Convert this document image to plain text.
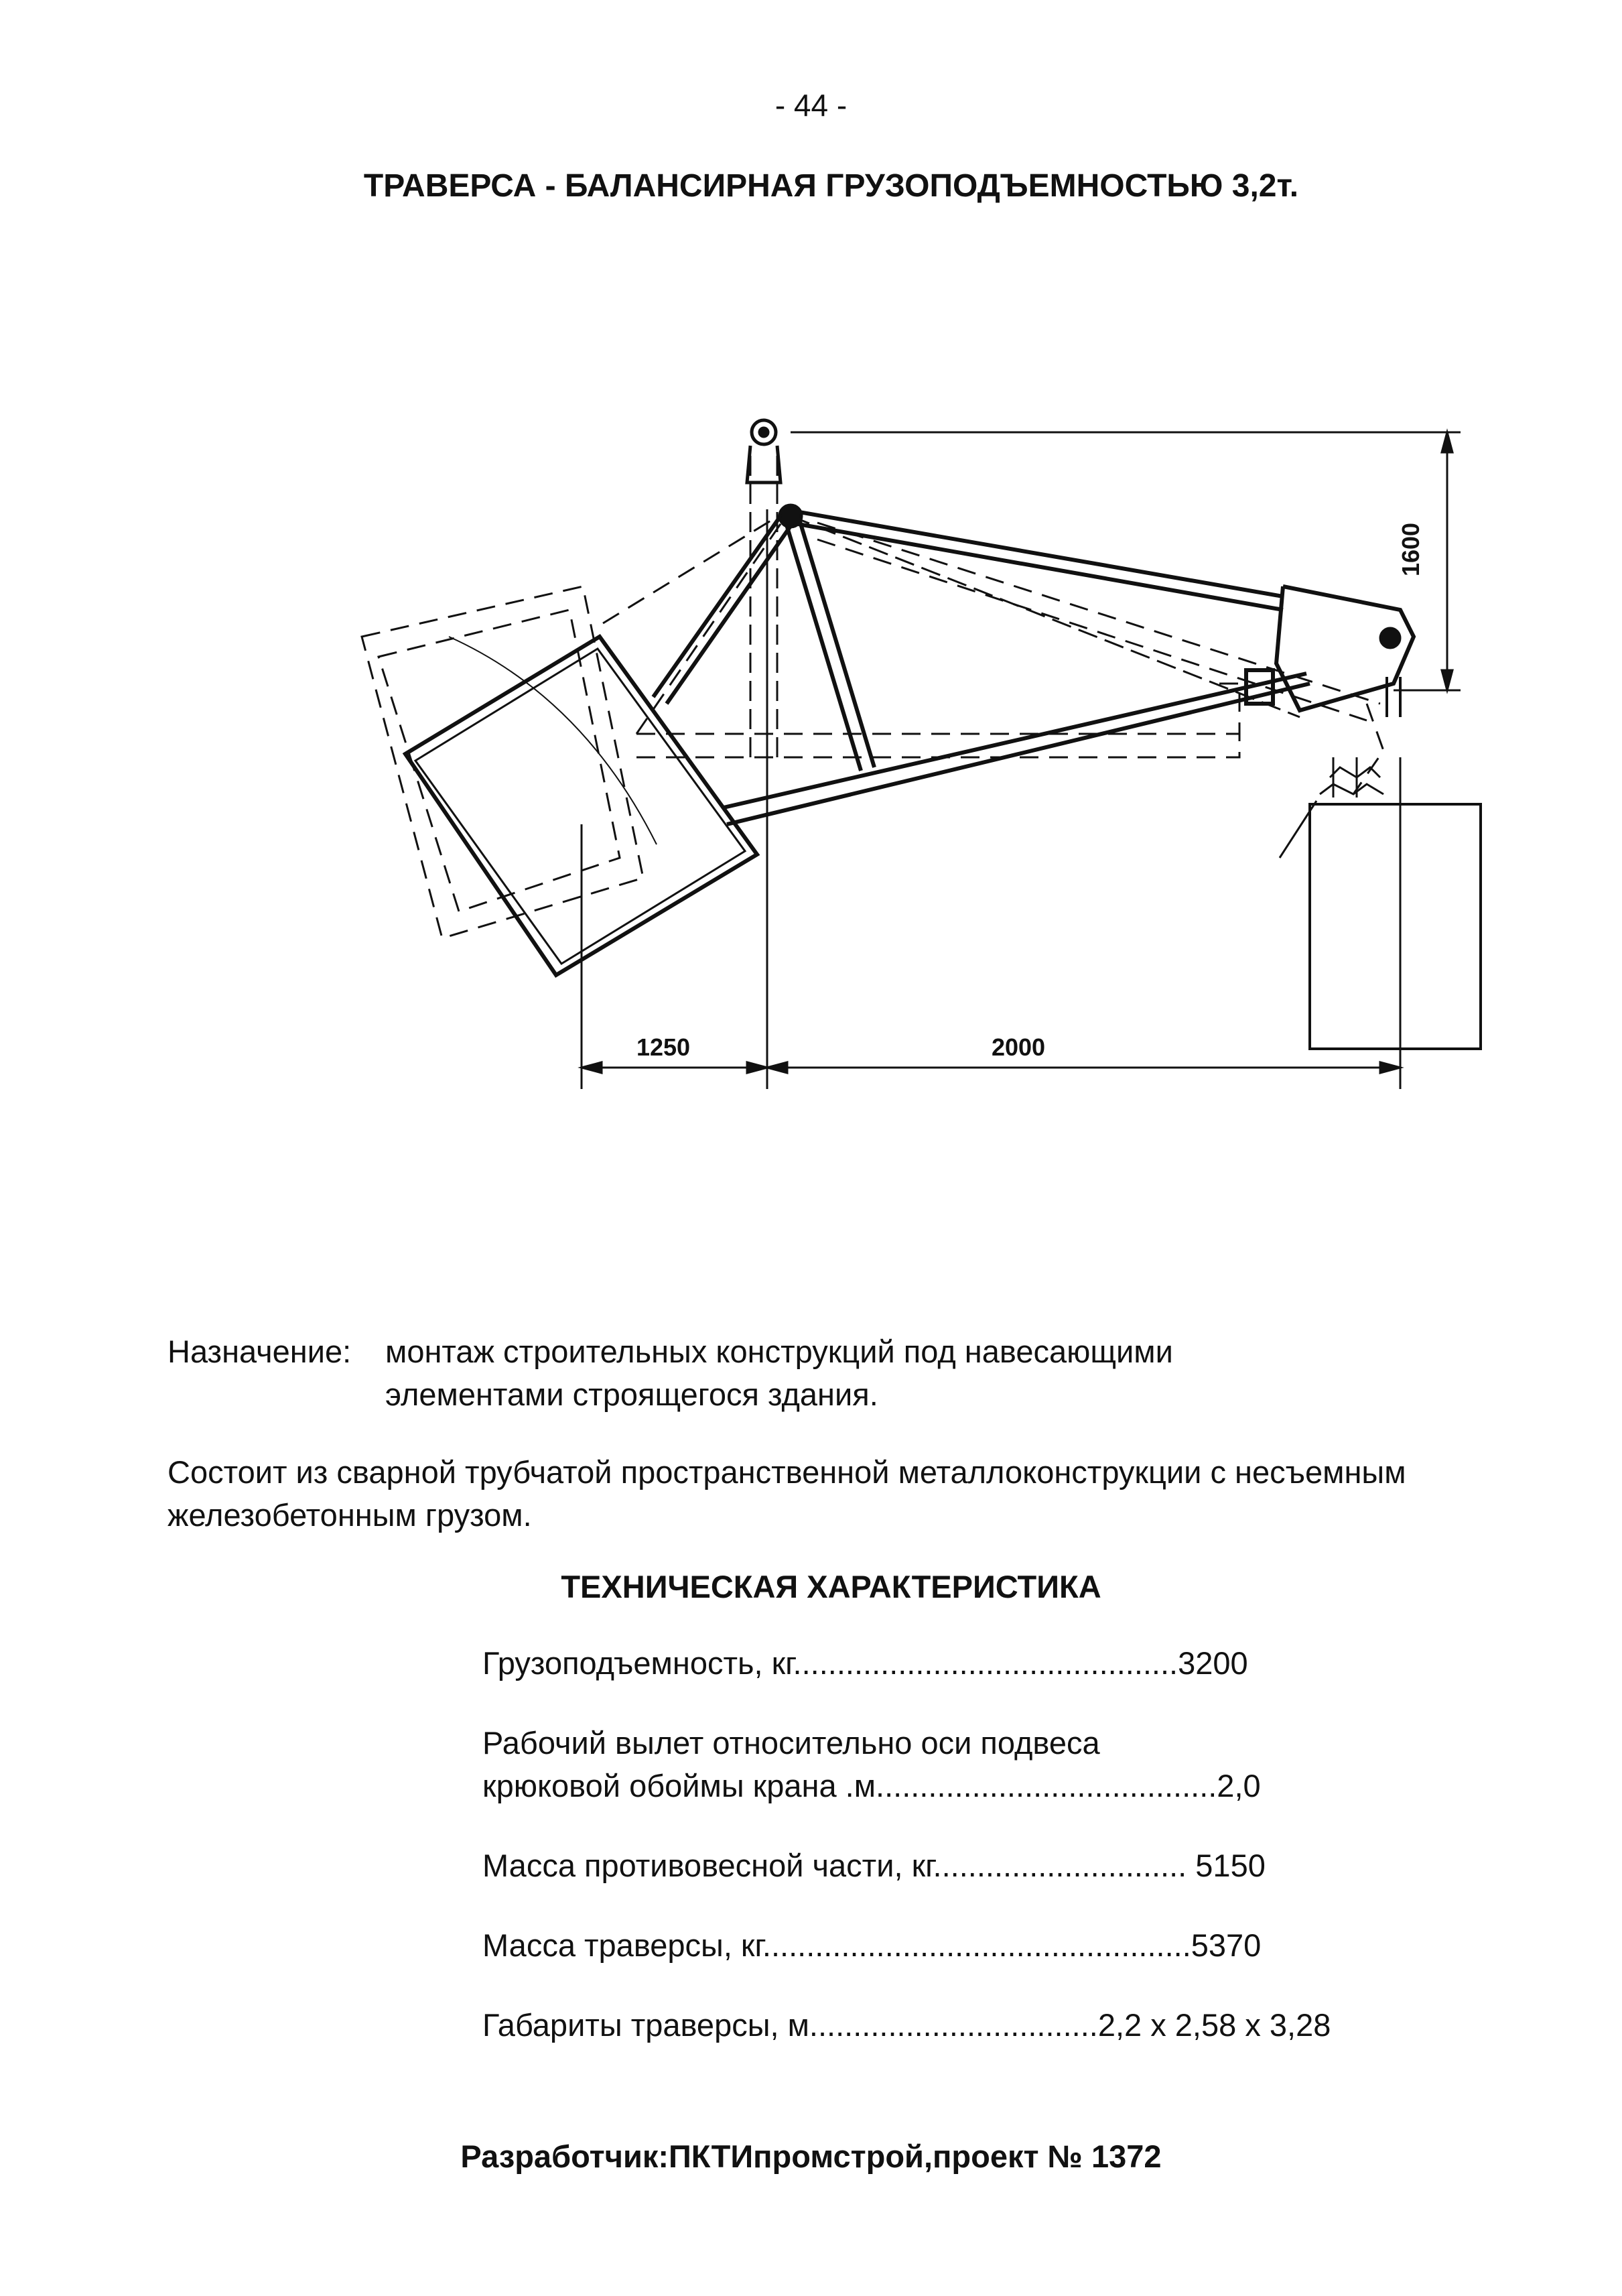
- 44 -
ТРАВЕРСА - БАЛАНСИРНАЯ ГРУЗОПОДЪЕМНОСТЬЮ 3,2т.
1600
1250	2000
Назначение: монтаж строительных конструкций под навесающими
элементами строящегося здания.
Состоит из сварной трубчатой пространственной металлоконструкции с несъемным
железобетонным грузом.
ТЕХНИЧЕСКАЯ ХАРАКТЕРИСТИКА
Грузоподъемность, кг............................................3200
Рабочий вылет относительно оси подвеса
крюковой обоймы крана .м.......................................2,0
Масса противовесной части, кг............................. 5150
Масса траверсы, кг.................................................5370
Габариты траверсы, м.................................2,2 х 2,58 х 3,28
Разработчик:ПКТИпромстрой,проект № 1372
